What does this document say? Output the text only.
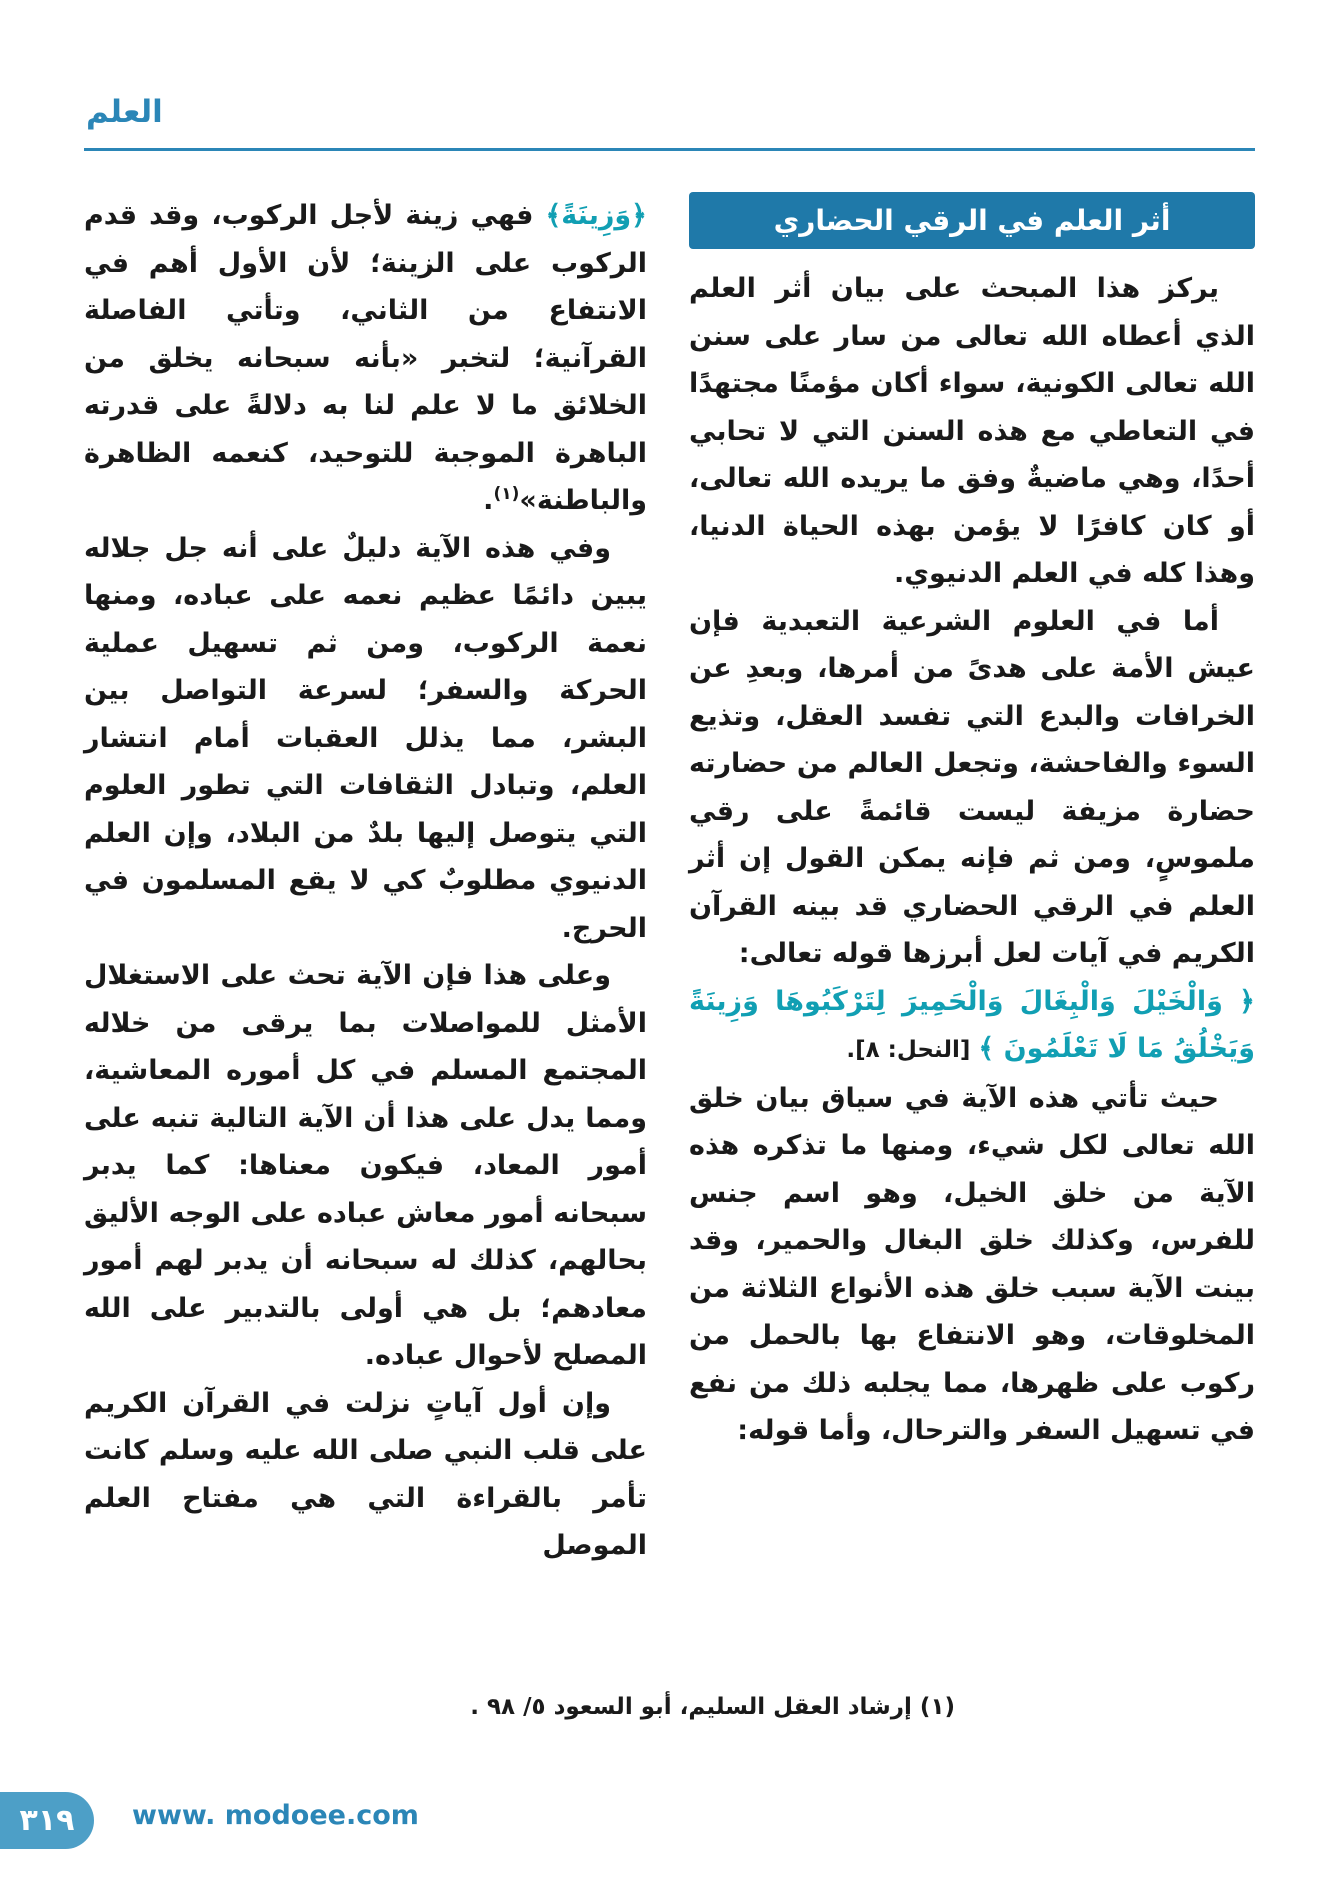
العلم
أثر العلم في الرقي الحضاري

يركز هذا المبحث على بيان أثر العلم الذي أعطاه الله تعالى من سار على سنن الله تعالى الكونية، سواء أكان مؤمنًا مجتهدًا في التعاطي مع هذه السنن التي لا تحابي أحدًا، وهي ماضيةٌ وفق ما يريده الله تعالى، أو كان كافرًا لا يؤمن بهذه الحياة الدنيا، وهذا كله في العلم الدنيوي.

أما في العلوم الشرعية التعبدية فإن عيش الأمة على هدىً من أمرها، وبعدِ عن الخرافات والبدع التي تفسد العقل، وتذيع السوء والفاحشة، وتجعل العالم من حضارته حضارة مزيفة ليست قائمةً على رقي ملموسٍ، ومن ثم فإنه يمكن القول إن أثر العلم في الرقي الحضاري قد بينه القرآن الكريم في آيات لعل أبرزها قوله تعالى:

﴿ وَالْخَيْلَ وَالْبِغَالَ وَالْحَمِيرَ لِتَرْكَبُوهَا وَزِينَةً وَيَخْلُقُ مَا لَا تَعْلَمُونَ ﴾ [النحل: ٨].

حيث تأتي هذه الآية في سياق بيان خلق الله تعالى لكل شيء، ومنها ما تذكره هذه الآية من خلق الخيل، وهو اسم جنس للفرس، وكذلك خلق البغال والحمير، وقد بينت الآية سبب خلق هذه الأنواع الثلاثة من المخلوقات، وهو الانتفاع بها بالحمل من ركوب على ظهرها، مما يجلبه ذلك من نفع في تسهيل السفر والترحال، وأما قوله:

﴿وَزِينَةً﴾ فهي زينة لأجل الركوب، وقد قدم الركوب على الزينة؛ لأن الأول أهم في الانتفاع من الثاني، وتأتي الفاصلة القرآنية؛ لتخبر «بأنه سبحانه يخلق من الخلائق ما لا علم لنا به دلالةً على قدرته الباهرة الموجبة للتوحيد، كنعمه الظاهرة والباطنة»$^{(١)}$.

وفي هذه الآية دليلٌ على أنه جل جلاله يبين دائمًا عظيم نعمه على عباده، ومنها نعمة الركوب، ومن ثم تسهيل عملية الحركة والسفر؛ لسرعة التواصل بين البشر، مما يذلل العقبات أمام انتشار العلم، وتبادل الثقافات التي تطور العلوم التي يتوصل إليها بلدٌ من البلاد، وإن العلم الدنيوي مطلوبٌ كي لا يقع المسلمون في الحرج.

وعلى هذا فإن الآية تحث على الاستغلال الأمثل للمواصلات بما يرقى من خلاله المجتمع المسلم في كل أموره المعاشية، ومما يدل على هذا أن الآية التالية تنبه على أمور المعاد، فيكون معناها: كما يدبر سبحانه أمور معاش عباده على الوجه الأليق بحالهم، كذلك له سبحانه أن يدبر لهم أمور معادهم؛ بل هي أولى بالتدبير على الله المصلح لأحوال عباده.

وإن أول آياتٍ نزلت في القرآن الكريم على قلب النبي صلى الله عليه وسلم كانت تأمر بالقراءة التي هي مفتاح العلم الموصل

(١) إرشاد العقل السليم، أبو السعود ٥/ ٩٨ .
٣١٩ www. modoee.com
